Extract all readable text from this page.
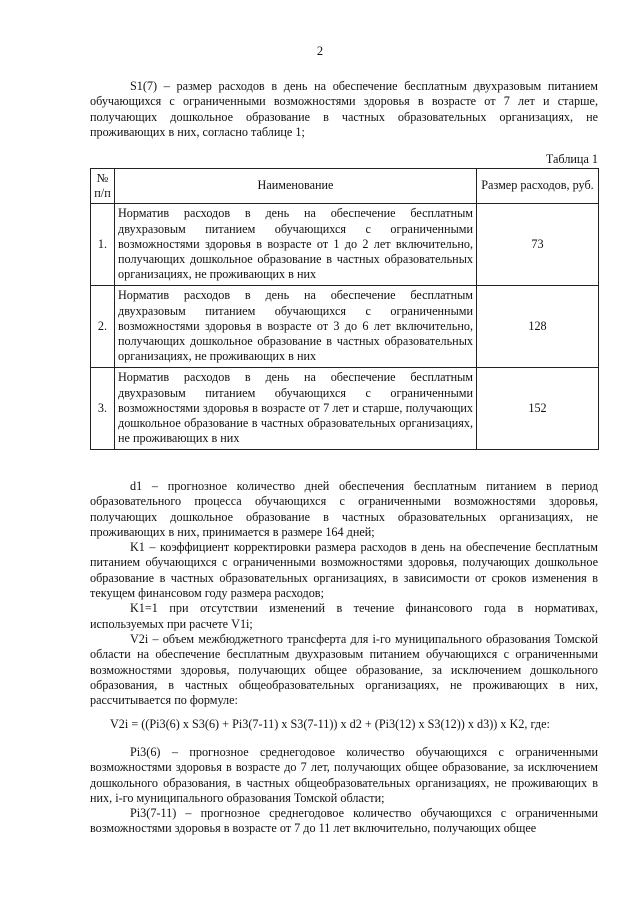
2

S1(7) – размер расходов в день на обеспечение бесплатным двухразовым питанием обучающихся с ограниченными возможностями здоровья в возрасте от 7 лет и старше, получающих дошкольное образование в частных образовательных организациях, не проживающих в них, согласно таблице 1;

Таблица 1
№ п/п	Наименование	Размер расходов, руб.
1.	Норматив расходов в день на обеспечение бесплатным двухразовым питанием обучающихся с ограниченными возможностями здоровья в возрасте от 1 до 2 лет включительно, получающих дошкольное образование в частных образовательных организациях, не проживающих в них	73
2.	Норматив расходов в день на обеспечение бесплатным двухразовым питанием обучающихся с ограниченными возможностями здоровья в возрасте от 3 до 6 лет включительно, получающих дошкольное образование в частных образовательных организациях, не проживающих в них	128
3.	Норматив расходов в день на обеспечение бесплатным двухразовым питанием обучающихся с ограниченными возможностями здоровья в возрасте от 7 лет и старше, получающих дошкольное образование в частных образовательных организациях, не проживающих в них	152

d1 – прогнозное количество дней обеспечения бесплатным питанием в период образовательного процесса обучающихся с ограниченными возможностями здоровья, получающих дошкольное образование в частных образовательных организациях, не проживающих в них, принимается в размере 164 дней;

K1 – коэффициент корректировки размера расходов в день на обеспечение бесплатным питанием обучающихся с ограниченными возможностями здоровья, получающих дошкольное образование в частных образовательных организациях, в зависимости от сроков изменения в текущем финансовом году размера расходов;

K1=1 при отсутствии изменений в течение финансового года в нормативах, используемых при расчете V1i;

V2i – объем межбюджетного трансферта для i-го муниципального образования Томской области на обеспечение бесплатным двухразовым питанием обучающихся с ограниченными возможностями здоровья, получающих общее образование, за исключением дошкольного образования, в частных общеобразовательных организациях, не проживающих в них, рассчитывается по формуле:

V2i = ((Pi3(6) x S3(6) + Pi3(7-11) x S3(7-11)) x d2 + (Pi3(12) x S3(12)) x d3)) x K2, где:

Pi3(6) – прогнозное среднегодовое количество обучающихся с ограниченными возможностями здоровья в возрасте до 7 лет, получающих общее образование, за исключением дошкольного образования, в частных общеобразовательных организациях, не проживающих в них, i-го муниципального образования Томской области;

Pi3(7-11) – прогнозное среднегодовое количество обучающихся с ограниченными возможностями здоровья в возрасте от 7 до 11 лет включительно, получающих общее
